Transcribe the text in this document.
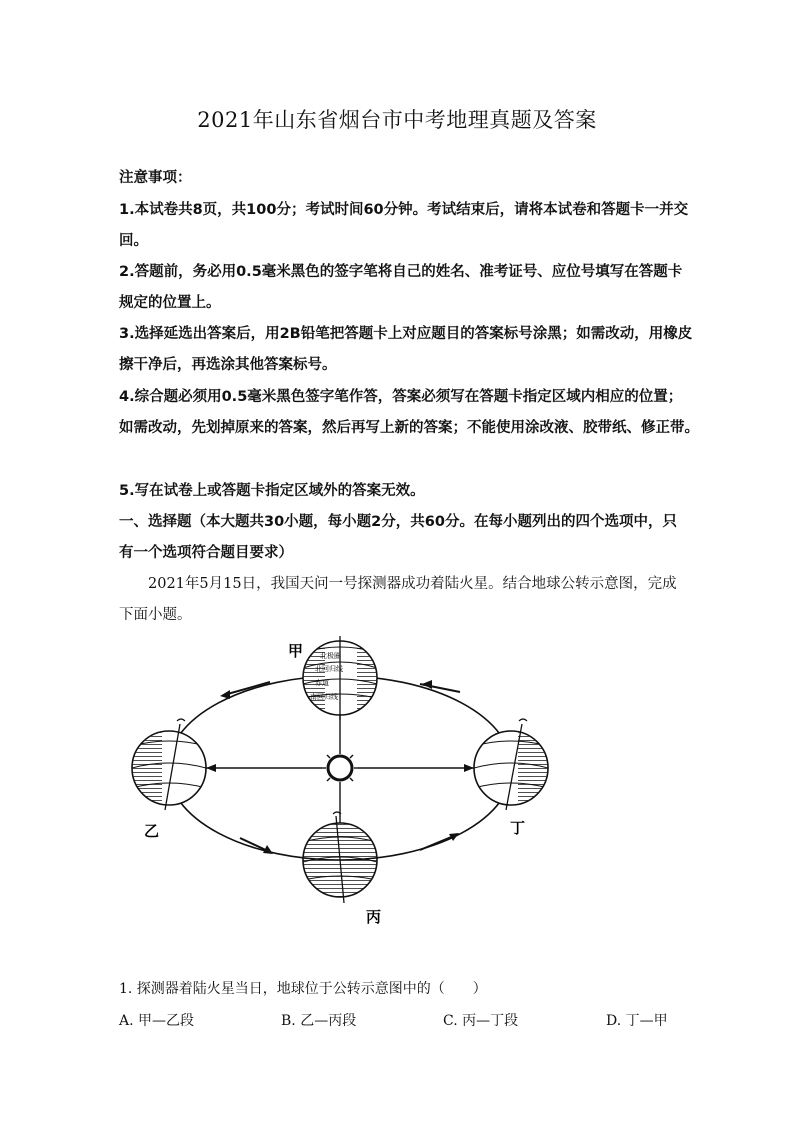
2021年山东省烟台市中考地理真题及答案
注意事项：
1.本试卷共8页，共100分；考试时间60分钟。考试结束后，请将本试卷和答题卡一并交
回。
2.答题前，务必用0.5毫米黑色的签字笔将自己的姓名、准考证号、应位号填写在答题卡
规定的位置上。
3.选择延选出答案后，用2B铅笔把答题卡上对应题目的答案标号涂黑；如需改动，用橡皮
擦干净后，再选涂其他答案标号。
4.综合题必须用0.5毫米黑色签字笔作答，答案必须写在答题卡指定区域内相应的位置；
如需改动，先划掉原来的答案，然后再写上新的答案；不能使用涂改液、胶带纸、修正带。
5.写在试卷上或答题卡指定区域外的答案无效。
一、选择题（本大题共30小题，每小题2分，共60分。在每小题列出的四个选项中，只
有一个选项符合题目要求）
2021年5月15日，我国天问一号探测器成功着陆火星。结合地球公转示意图，完成
下面小题。
北极圈
北回归线
赤道
南回归线
甲
乙
丙
丁
1. 探测器着陆火星当日，地球位于公转示意图中的（　　）
A. 甲—乙段	B. 乙—丙段	C. 丙—丁段	D. 丁—甲
